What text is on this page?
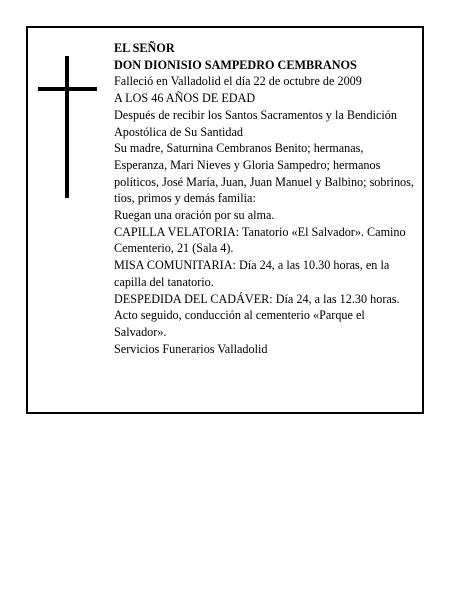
EL SEÑOR

DON DIONISIO SAMPEDRO CEMBRANOS

Falleció en Valladolid el día 22 de octubre de 2009

A LOS 46 AÑOS DE EDAD

Después de recibir los Santos Sacramentos y la Bendición Apostólica de Su Santidad

Su madre, Saturnina Cembranos Benito; hermanas, Esperanza, Mari Nieves y Gloria Sampedro; hermanos políticos, José María, Juan, Juan Manuel y Balbino; sobrinos, tíos, primos y demás familia:

Ruegan una oración por su alma.

CAPILLA VELATORIA: Tanatorio «El Salvador». Camino Cementerio, 21 (Sala 4).

MISA COMUNITARIA: Día 24, a las 10.30 horas, en la capilla del tanatorio.

DESPEDIDA DEL CADÁVER: Día 24, a las 12.30 horas. Acto seguido, conducción al cementerio «Parque el Salvador».

Servicios Funerarios Valladolid
